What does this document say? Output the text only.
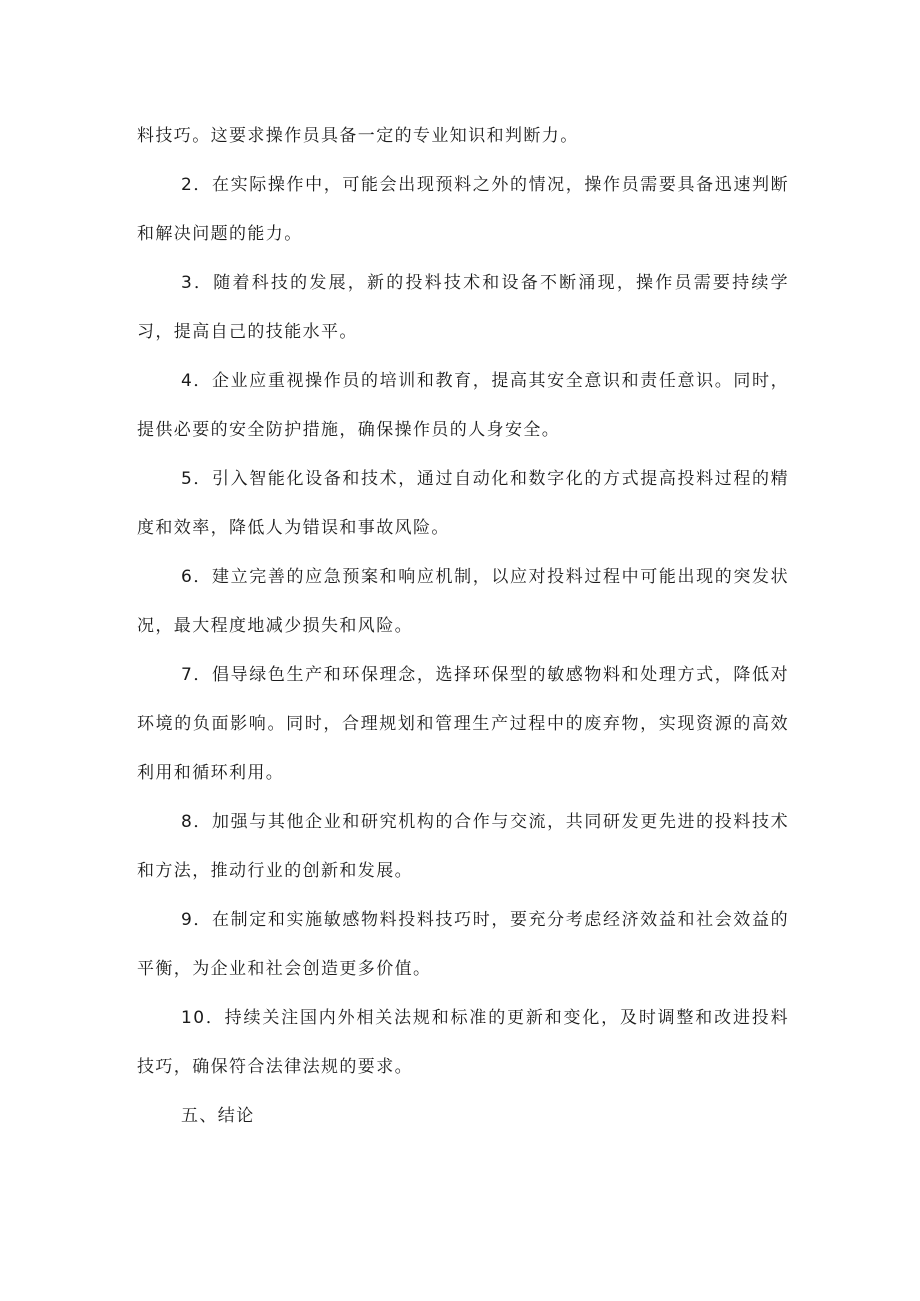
料技巧。这要求操作员具备一定的专业知识和判断力。

2．在实际操作中，可能会出现预料之外的情况，操作员需要具备迅速判断和解决问题的能力。

3．随着科技的发展，新的投料技术和设备不断涌现，操作员需要持续学习，提高自己的技能水平。

4．企业应重视操作员的培训和教育，提高其安全意识和责任意识。同时，提供必要的安全防护措施，确保操作员的人身安全。

5．引入智能化设备和技术，通过自动化和数字化的方式提高投料过程的精度和效率，降低人为错误和事故风险。

6．建立完善的应急预案和响应机制，以应对投料过程中可能出现的突发状况，最大程度地减少损失和风险。

7．倡导绿色生产和环保理念，选择环保型的敏感物料和处理方式，降低对环境的负面影响。同时，合理规划和管理生产过程中的废弃物，实现资源的高效利用和循环利用。

8．加强与其他企业和研究机构的合作与交流，共同研发更先进的投料技术和方法，推动行业的创新和发展。

9．在制定和实施敏感物料投料技巧时，要充分考虑经济效益和社会效益的平衡，为企业和社会创造更多价值。

10．持续关注国内外相关法规和标准的更新和变化，及时调整和改进投料技巧，确保符合法律法规的要求。

五、结论
